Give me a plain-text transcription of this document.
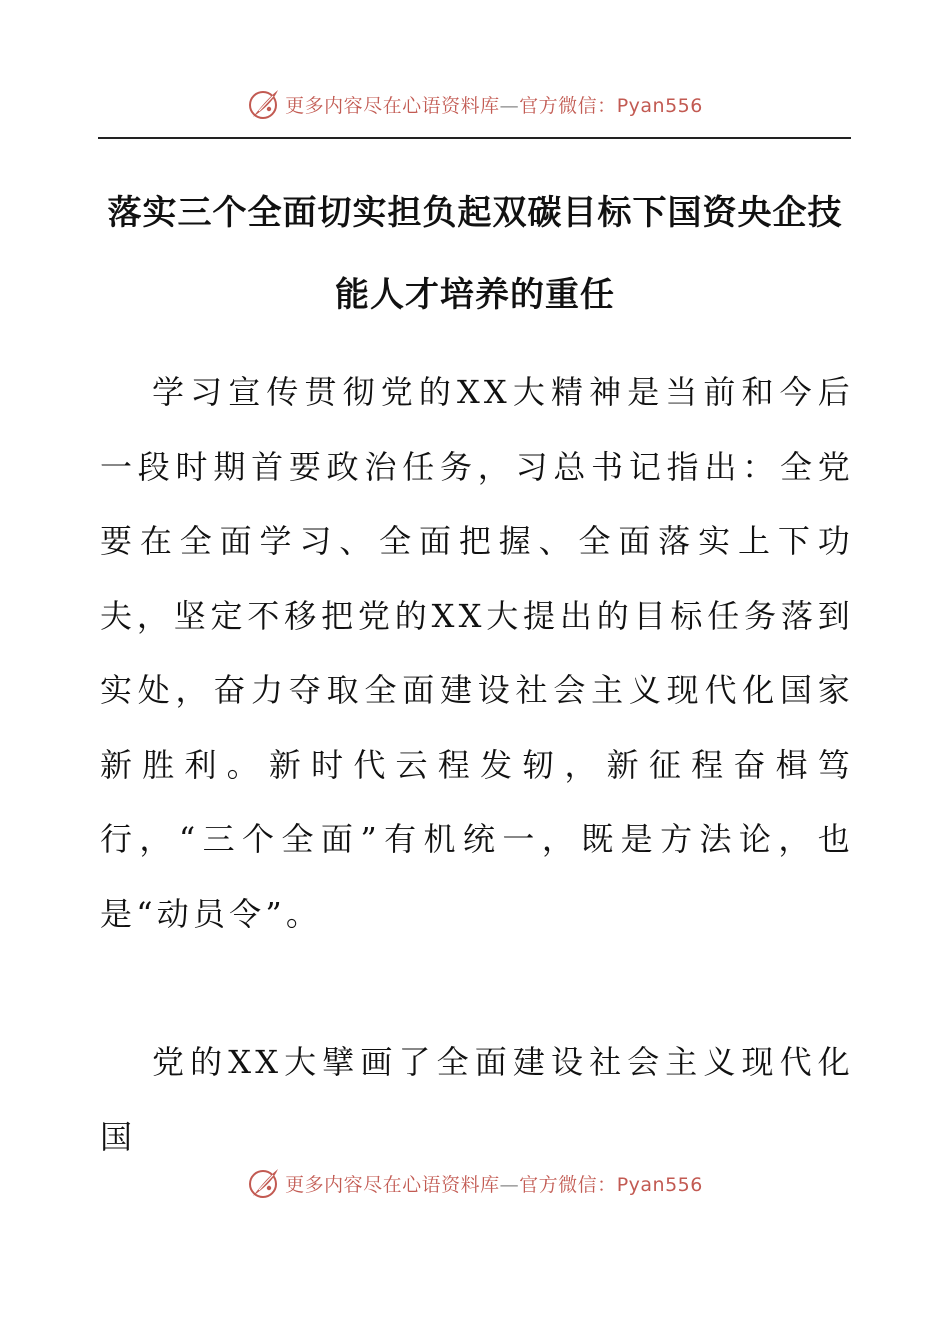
更多内容尽在心语资料库—官方微信：Pyan556
落实三个全面切实担负起双碳目标下国资央企技能人才培养的重任
学习宣传贯彻党的XX大精神是当前和今后一段时期首要政治任务，习总书记指出：全党要在全面学习、全面把握、全面落实上下功夫，坚定不移把党的XX大提出的目标任务落到实处，奋力夺取全面建设社会主义现代化国家新胜利。新时代云程发轫，新征程奋楫笃行，“三个全面”有机统一，既是方法论，也是“动员令”。
党的XX大擘画了全面建设社会主义现代化国
更多内容尽在心语资料库—官方微信：Pyan556
